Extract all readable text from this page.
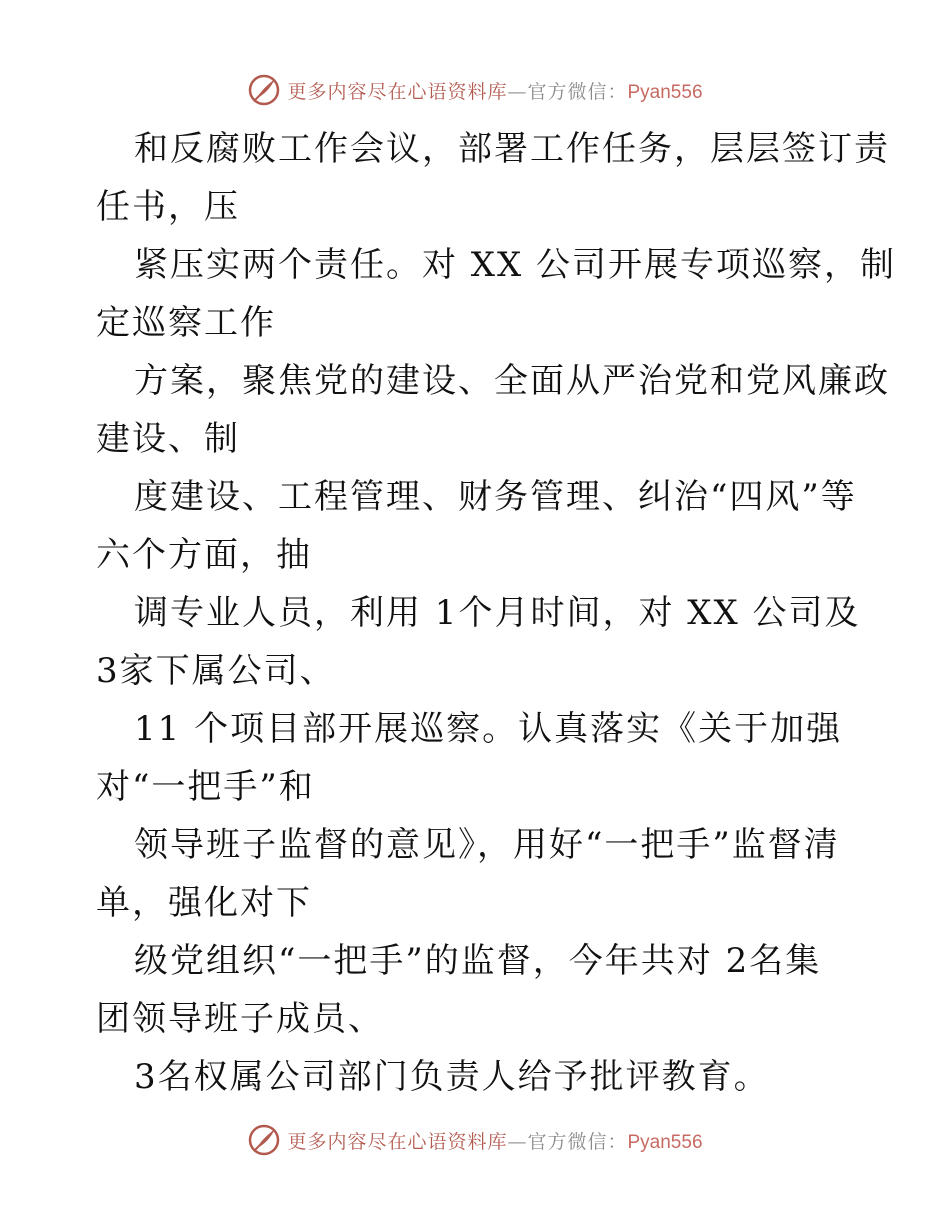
更多内容尽在心语资料库—官方微信：Pyan556
和反腐败工作会议，部署工作任务，层层签订责
任书，压
紧压实两个责任。对 XX 公司开展专项巡察，制
定巡察工作
方案，聚焦党的建设、全面从严治党和党风廉政
建设、制
度建设、工程管理、财务管理、纠治“四风”等
六个方面，抽
调专业人员，利用 1个月时间，对 XX 公司及
3家下属公司、
11 个项目部开展巡察。认真落实《关于加强
对“一把手”和
领导班子监督的意见》，用好“一把手”监督清
单，强化对下
级党组织“一把手”的监督，今年共对 2名集
团领导班子成员、
3名权属公司部门负责人给予批评教育。
更多内容尽在心语资料库—官方微信：Pyan556
